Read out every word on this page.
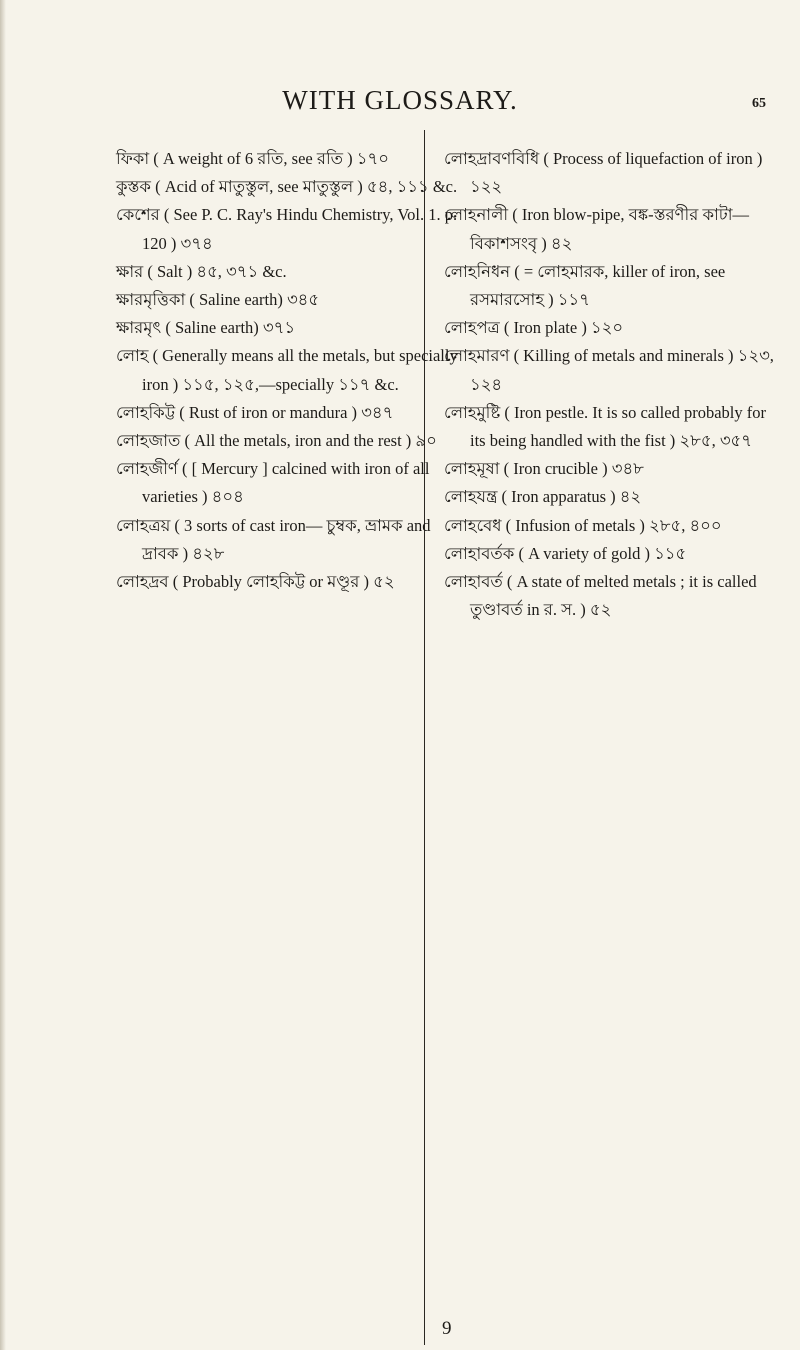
WITH GLOSSARY.	65

ফিকা ( A weight of 6 রতি, see রতি ) ১৭০

কুস্তক ( Acid of মাতুস্তুল, see মাতুস্তুল ) ৫৪, ১১১ &c.

কেশের ( See P. C. Ray's Hindu Chemistry, Vol. 1. p. 120 ) ৩৭৪

ক্ষার ( Salt ) ৪৫, ৩৭১ &c.

ক্ষারমৃত্তিকা ( Saline earth) ৩৪৫

ক্ষারমৃৎ ( Saline earth) ৩৭১

লোহ ( Generally means all the metals, but specially iron ) ১১৫, ১২৫,—specially ১১৭ &c.

লোহকিট্ট ( Rust of iron or mandura ) ৩৪৭

লোহজাত ( All the metals, iron and the rest ) ৯০

লোহজীর্ণ ( [ Mercury ] calcined with iron of all varieties ) ৪০৪

লোহত্রয় ( 3 sorts of cast iron— চুম্বক, ভ্রামক and দ্রাবক ) ৪২৮

লোহদ্রব ( Probably লোহকিট্ট or মণ্ডূর ) ৫২

লোহদ্রাবণবিধি ( Process of liquefaction of iron ) ১২২

লোহনালী ( Iron blow-pipe, বঙ্ক-স্তরণীর কাটা—বিকাশসংবৃ ) ৪২

লোহনিধন ( = লোহমারক, killer of iron, see রসমারসোহ ) ১১৭

লোহপত্র ( Iron plate ) ১২০

লোহমারণ ( Killing of metals and minerals ) ১২৩, ১২৪

লোহমুষ্টি ( Iron pestle. It is so called probably for its being handled with the fist ) ২৮৫, ৩৫৭

লোহমূষা ( Iron crucible ) ৩৪৮

লোহযন্ত্র ( Iron apparatus ) ৪২

লোহবেধ ( Infusion of metals ) ২৮৫, ৪০০

লোহাবর্তক ( A variety of gold ) ১১৫

লোহাবর্ত ( A state of melted metals ; it is called তুণ্ডাবর্ত in র. স. ) ৫২

9
